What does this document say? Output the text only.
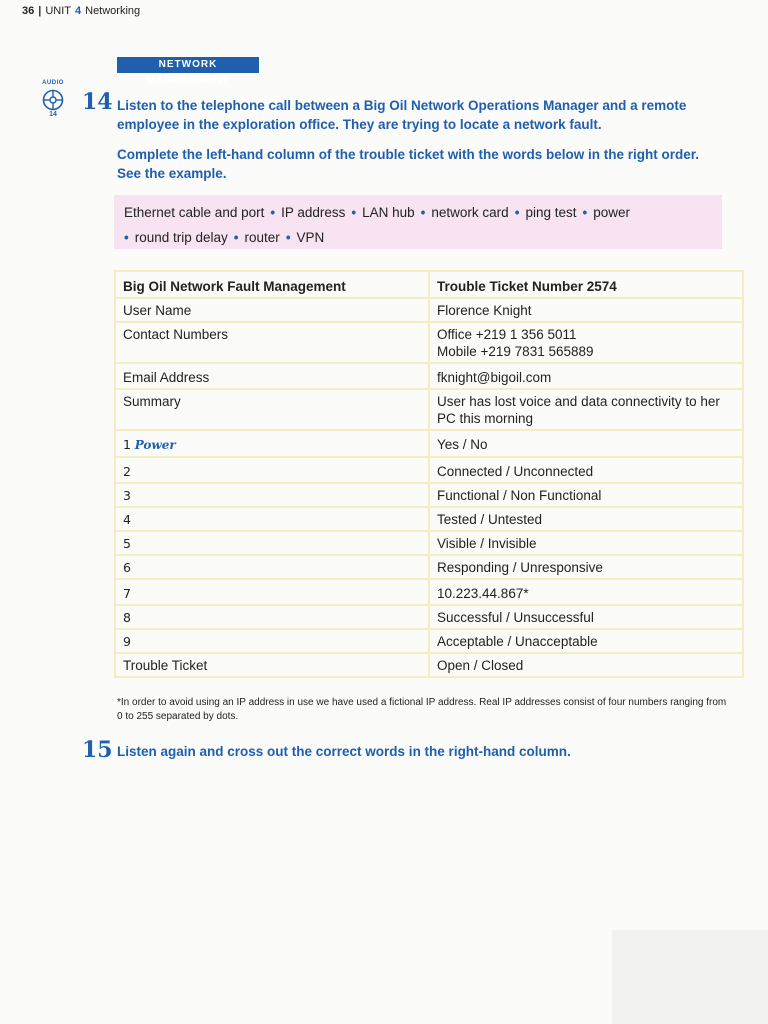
36 | UNIT 4 Networking
NETWORK MANAGEMENT
AUDIO
14	14 Listen to the telephone call between a Big Oil Network Operations Manager and a remote employee in the exploration office. They are trying to locate a network fault.
Complete the left-hand column of the trouble ticket with the words below in the right order. See the example.
Ethernet cable and port • IP address • LAN hub • network card • ping test • power
• round trip delay • router • VPN
Big Oil Network Fault Management	Trouble Ticket Number 2574
User Name	Florence Knight
Contact Numbers	Office +219 1 356 5011
Mobile +219 7831 565889
Email Address	fknight@bigoil.com
Summary	User has lost voice and data connectivity to her PC this morning
1 Power	Yes / No
2	Connected / Unconnected
3	Functional / Non Functional
4	Tested / Untested
5	Visible / Invisible
6	Responding / Unresponsive
7	10.223.44.867*
8	Successful / Unsuccessful
9	Acceptable / Unacceptable
Trouble Ticket	Open / Closed
*In order to avoid using an IP address in use we have used a fictional IP address. Real IP addresses consist of four numbers ranging from 0 to 255 separated by dots.
15 Listen again and cross out the correct words in the right-hand column.
